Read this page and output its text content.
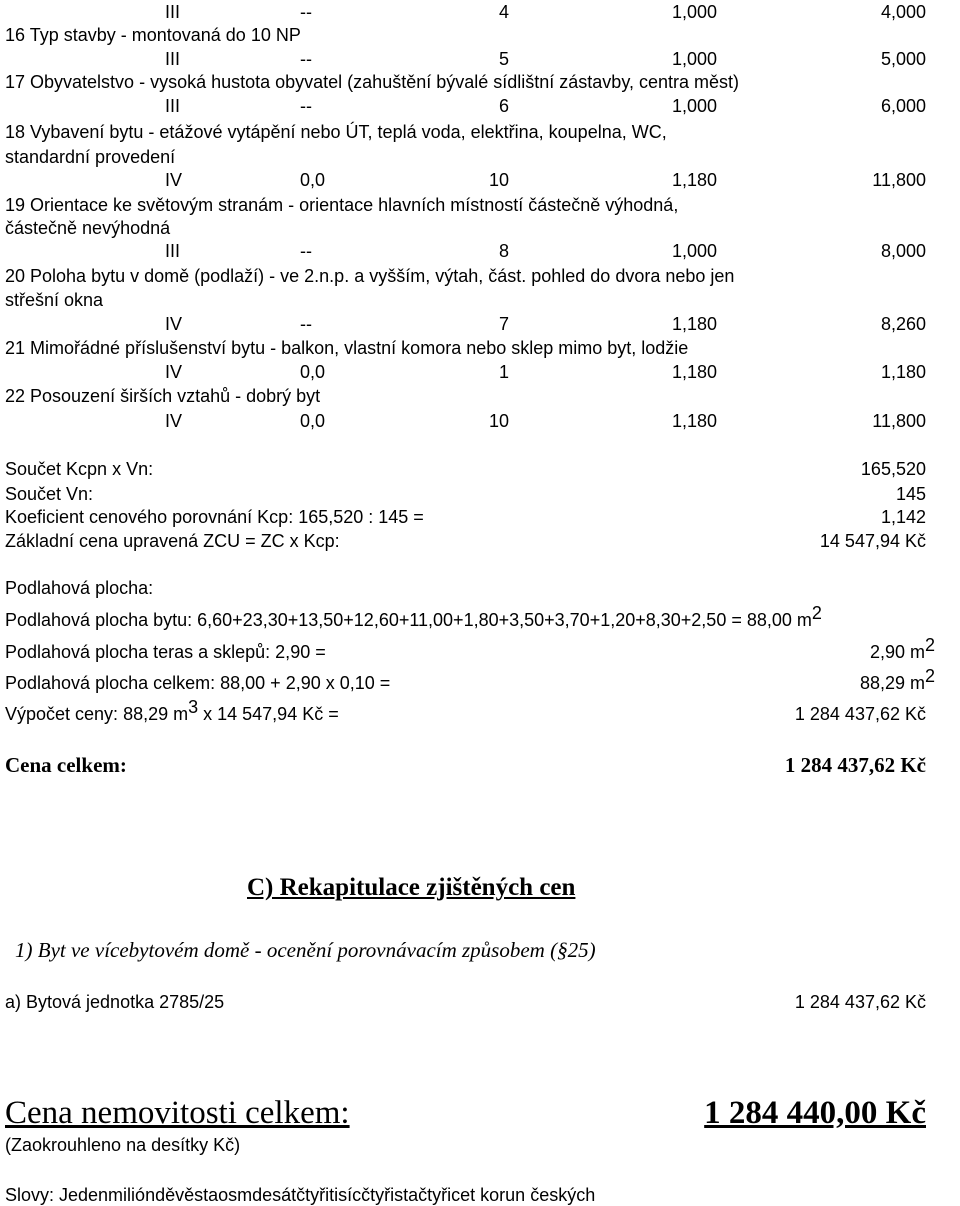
III	--	4	1,000	4,000
16 Typ stavby - montovaná do 10 NP
III	--	5	1,000	5,000
17 Obyvatelstvo - vysoká hustota obyvatel (zahuštění bývalé sídlištní zástavby, centra měst)
III	--	6	1,000	6,000
18 Vybavení bytu - etážové vytápění nebo ÚT, teplá voda, elektřina, koupelna, WC,
standardní provedení
IV	0,0	10	1,180	11,800
19 Orientace ke světovým stranám - orientace hlavních místností částečně výhodná,
částečně nevýhodná
III	--	8	1,000	8,000
20 Poloha bytu v domě (podlaží) - ve 2.n.p. a vyšším, výtah, část. pohled do dvora nebo jen
střešní okna
IV	--	7	1,180	8,260
21 Mimořádné příslušenství bytu - balkon, vlastní komora nebo sklep mimo byt, lodžie
IV	0,0	1	1,180	1,180
22 Posouzení širších vztahů - dobrý byt
IV	0,0	10	1,180	11,800
Součet Kcpn x Vn:	165,520
Součet Vn:	145
Koeficient cenového porovnání Kcp: 165,520 : 145 =	1,142
Základní cena upravená ZCU = ZC x Kcp:	14 547,94 Kč
Podlahová plocha:
Podlahová plocha bytu: 6,60+23,30+13,50+12,60+11,00+1,80+3,50+3,70+1,20+8,30+2,50 = 88,00 $m^2$
Podlahová plocha teras a sklepů: 2,90 =	2,90 $m^2$
Podlahová plocha celkem: 88,00 + 2,90 x 0,10 =	88,29 $m^2$
Výpočet ceny: 88,29 $m^3$ x 14 547,94 Kč =	1 284 437,62 Kč
Cena celkem:	1 284 437,62 Kč
C) Rekapitulace zjištěných cen
1) Byt ve vícebytovém domě - ocenění porovnávacím způsobem (§25)
a) Bytová jednotka 2785/25	1 284 437,62 Kč
Cena nemovitosti celkem:	1 284 440,00 Kč
(Zaokrouhleno na desítky Kč)
Slovy: Jedenmiliónděvěstaosmdesátčtyřitisícčtyřistačtyřicet korun českých
